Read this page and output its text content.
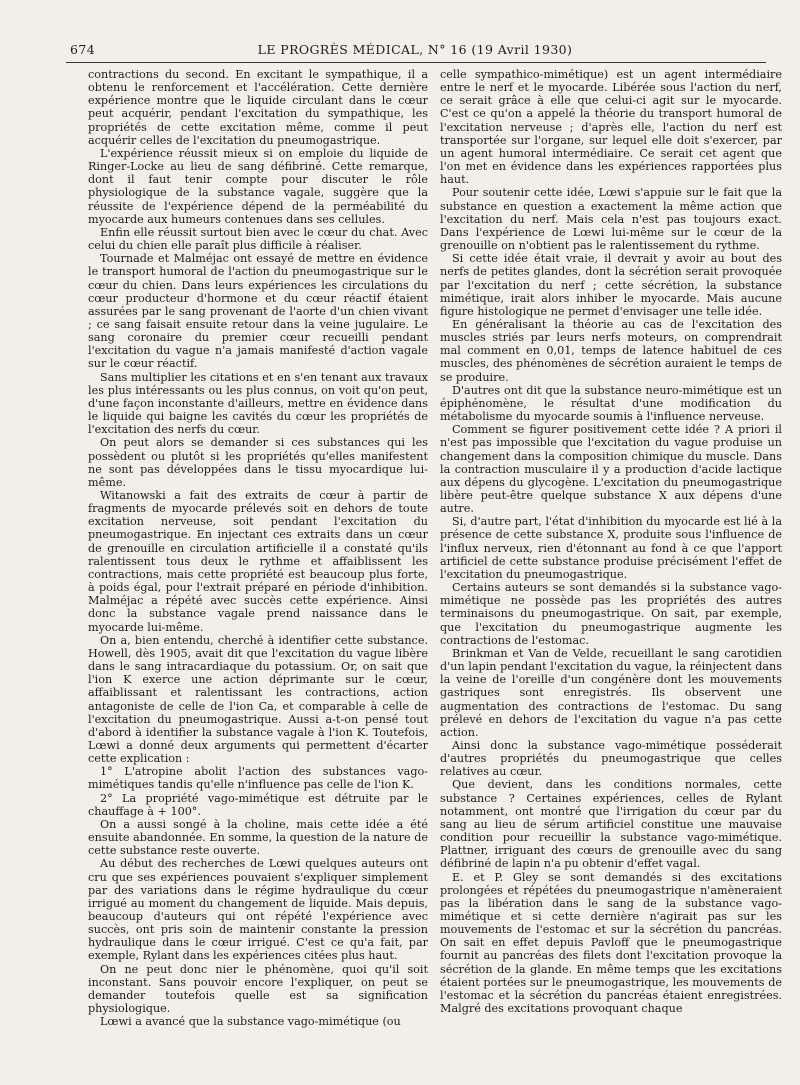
674	LE PROGRÈS MÉDICAL, N° 16 (19 Avril 1930)

contractions du second. En excitant le sympathique, il a obtenu le renforcement et l'accélération. Cette dernière expérience montre que le liquide circulant dans le cœur peut acquérir, pendant l'excitation du sympathique, les propriétés de cette excitation même, comme il peut acquérir celles de l'excitation du pneumogastrique.

L'expérience réussit mieux si on emploie du liquide de Ringer-Locke au lieu de sang défibriné. Cette remarque, dont il faut tenir compte pour discuter le rôle physiologique de la substance vagale, suggère que la réussite de l'expérience dépend de la perméabilité du myocarde aux humeurs contenues dans ses cellules.

Enfin elle réussit surtout bien avec le cœur du chat. Avec celui du chien elle paraît plus difficile à réaliser.

Tournade et Malméjac ont essayé de mettre en évidence le transport humoral de l'action du pneumogastrique sur le cœur du chien. Dans leurs expériences les circulations du cœur producteur d'hormone et du cœur réactif étaient assurées par le sang provenant de l'aorte d'un chien vivant ; ce sang faisait ensuite retour dans la veine jugulaire. Le sang coronaire du premier cœur recueilli pendant l'excitation du vague n'a jamais manifesté d'action vagale sur le cœur réactif.

Sans multiplier les citations et en s'en tenant aux travaux les plus intéressants ou les plus connus, on voit qu'on peut, d'une façon inconstante d'ailleurs, mettre en évidence dans le liquide qui baigne les cavités du cœur les propriétés de l'excitation des nerfs du cœur.

On peut alors se demander si ces substances qui les possèdent ou plutôt si les propriétés qu'elles manifestent ne sont pas développées dans le tissu myocardique lui-même.

Witanowski a fait des extraits de cœur à partir de fragments de myocarde prélevés soit en dehors de toute excitation nerveuse, soit pendant l'excitation du pneumogastrique. En injectant ces extraits dans un cœur de grenouille en circulation artificielle il a constaté qu'ils ralentissent tous deux le rythme et affaiblissent les contractions, mais cette propriété est beaucoup plus forte, à poids égal, pour l'extrait préparé en période d'inhibition. Malméjac a répété avec succès cette expérience. Ainsi donc la substance vagale prend naissance dans le myocarde lui-même.

On a, bien entendu, cherché à identifier cette substance. Howell, dès 1905, avait dit que l'excitation du vague libère dans le sang intracardiaque du potassium. Or, on sait que l'ion K exerce une action déprimante sur le cœur, affaiblissant et ralentissant les contractions, action antagoniste de celle de l'ion Ca, et comparable à celle de l'excitation du pneumogastrique. Aussi a-t-on pensé tout d'abord à identifier la substance vagale à l'ion K. Toutefois, Lœwi a donné deux arguments qui permettent d'écarter cette explication :

1° L'atropine abolit l'action des substances vago-mimétiques tandis qu'elle n'influence pas celle de l'ion K.

2° La propriété vago-mimétique est détruite par le chauffage à + 100°.

On a aussi songé à la choline, mais cette idée a été ensuite abandonnée. En somme, la question de la nature de cette substance reste ouverte.

Au début des recherches de Lœwi quelques auteurs ont cru que ses expériences pouvaient s'expliquer simplement par des variations dans le régime hydraulique du cœur irrigué au moment du changement de liquide. Mais depuis, beaucoup d'auteurs qui ont répété l'expérience avec succès, ont pris soin de maintenir constante la pression hydraulique dans le cœur irrigué. C'est ce qu'a fait, par exemple, Rylant dans les expériences citées plus haut.

On ne peut donc nier le phénomène, quoi qu'il soit inconstant. Sans pouvoir encore l'expliquer, on peut se demander toutefois quelle est sa signification physiologique.

Lœwi a avancé que la substance vago-mimétique (ou

celle sympathico-mimétique) est un agent intermédiaire entre le nerf et le myocarde. Libérée sous l'action du nerf, ce serait grâce à elle que celui-ci agit sur le myocarde. C'est ce qu'on a appelé la théorie du transport humoral de l'excitation nerveuse ; d'après elle, l'action du nerf est transportée sur l'organe, sur lequel elle doit s'exercer, par un agent humoral intermédiaire. Ce serait cet agent que l'on met en évidence dans les expériences rapportées plus haut.

Pour soutenir cette idée, Lœwi s'appuie sur le fait que la substance en question a exactement la même action que l'excitation du nerf. Mais cela n'est pas toujours exact. Dans l'expérience de Lœwi lui-même sur le cœur de la grenouille on n'obtient pas le ralentissement du rythme.

Si cette idée était vraie, il devrait y avoir au bout des nerfs de petites glandes, dont la sécrétion serait provoquée par l'excitation du nerf ; cette sécrétion, la substance mimétique, irait alors inhiber le myocarde. Mais aucune figure histologique ne permet d'envisager une telle idée.

En généralisant la théorie au cas de l'excitation des muscles striés par leurs nerfs moteurs, on comprendrait mal comment en 0,01, temps de latence habituel de ces muscles, des phénomènes de sécrétion auraient le temps de se produire.

D'autres ont dit que la substance neuro-mimétique est un épiphénomène, le résultat d'une modification du métabolisme du myocarde soumis à l'influence nerveuse.

Comment se figurer positivement cette idée ? A priori il n'est pas impossible que l'excitation du vague produise un changement dans la composition chimique du muscle. Dans la contraction musculaire il y a production d'acide lactique aux dépens du glycogène. L'excitation du pneumogastrique libère peut-être quelque substance X aux dépens d'une autre.

Si, d'autre part, l'état d'inhibition du myocarde est lié à la présence de cette substance X, produite sous l'influence de l'influx nerveux, rien d'étonnant au fond à ce que l'apport artificiel de cette substance produise précisément l'effet de l'excitation du pneumogastrique.

Certains auteurs se sont demandés si la substance vago-mimétique ne possède pas les propriétés des autres terminaisons du pneumogastrique. On sait, par exemple, que l'excitation du pneumogastrique augmente les contractions de l'estomac.

Brinkman et Van de Velde, recueillant le sang carotidien d'un lapin pendant l'excitation du vague, la réinjectent dans la veine de l'oreille d'un congénère dont les mouvements gastriques sont enregistrés. Ils observent une augmentation des contractions de l'estomac. Du sang prélevé en dehors de l'excitation du vague n'a pas cette action.

Ainsi donc la substance vago-mimétique posséderait d'autres propriétés du pneumogastrique que celles relatives au cœur.

Que devient, dans les conditions normales, cette substance ? Certaines expériences, celles de Rylant notamment, ont montré que l'irrigation du cœur par du sang au lieu de sérum artificiel constitue une mauvaise condition pour recueillir la substance vago-mimétique. Plattner, irriguant des cœurs de grenouille avec du sang défibriné de lapin n'a pu obtenir d'effet vagal.

E. et P. Gley se sont demandés si des excitations prolongées et répétées du pneumogastrique n'amèneraient pas la libération dans le sang de la substance vago-mimétique et si cette dernière n'agirait pas sur les mouvements de l'estomac et sur la sécrétion du pancréas. On sait en effet depuis Pavloff que le pneumogastrique fournit au pancréas des filets dont l'excitation provoque la sécrétion de la glande. En même temps que les excitations étaient portées sur le pneumogastrique, les mouvements de l'estomac et la sécrétion du pancréas étaient enregistrées. Malgré des excitations provoquant chaque
